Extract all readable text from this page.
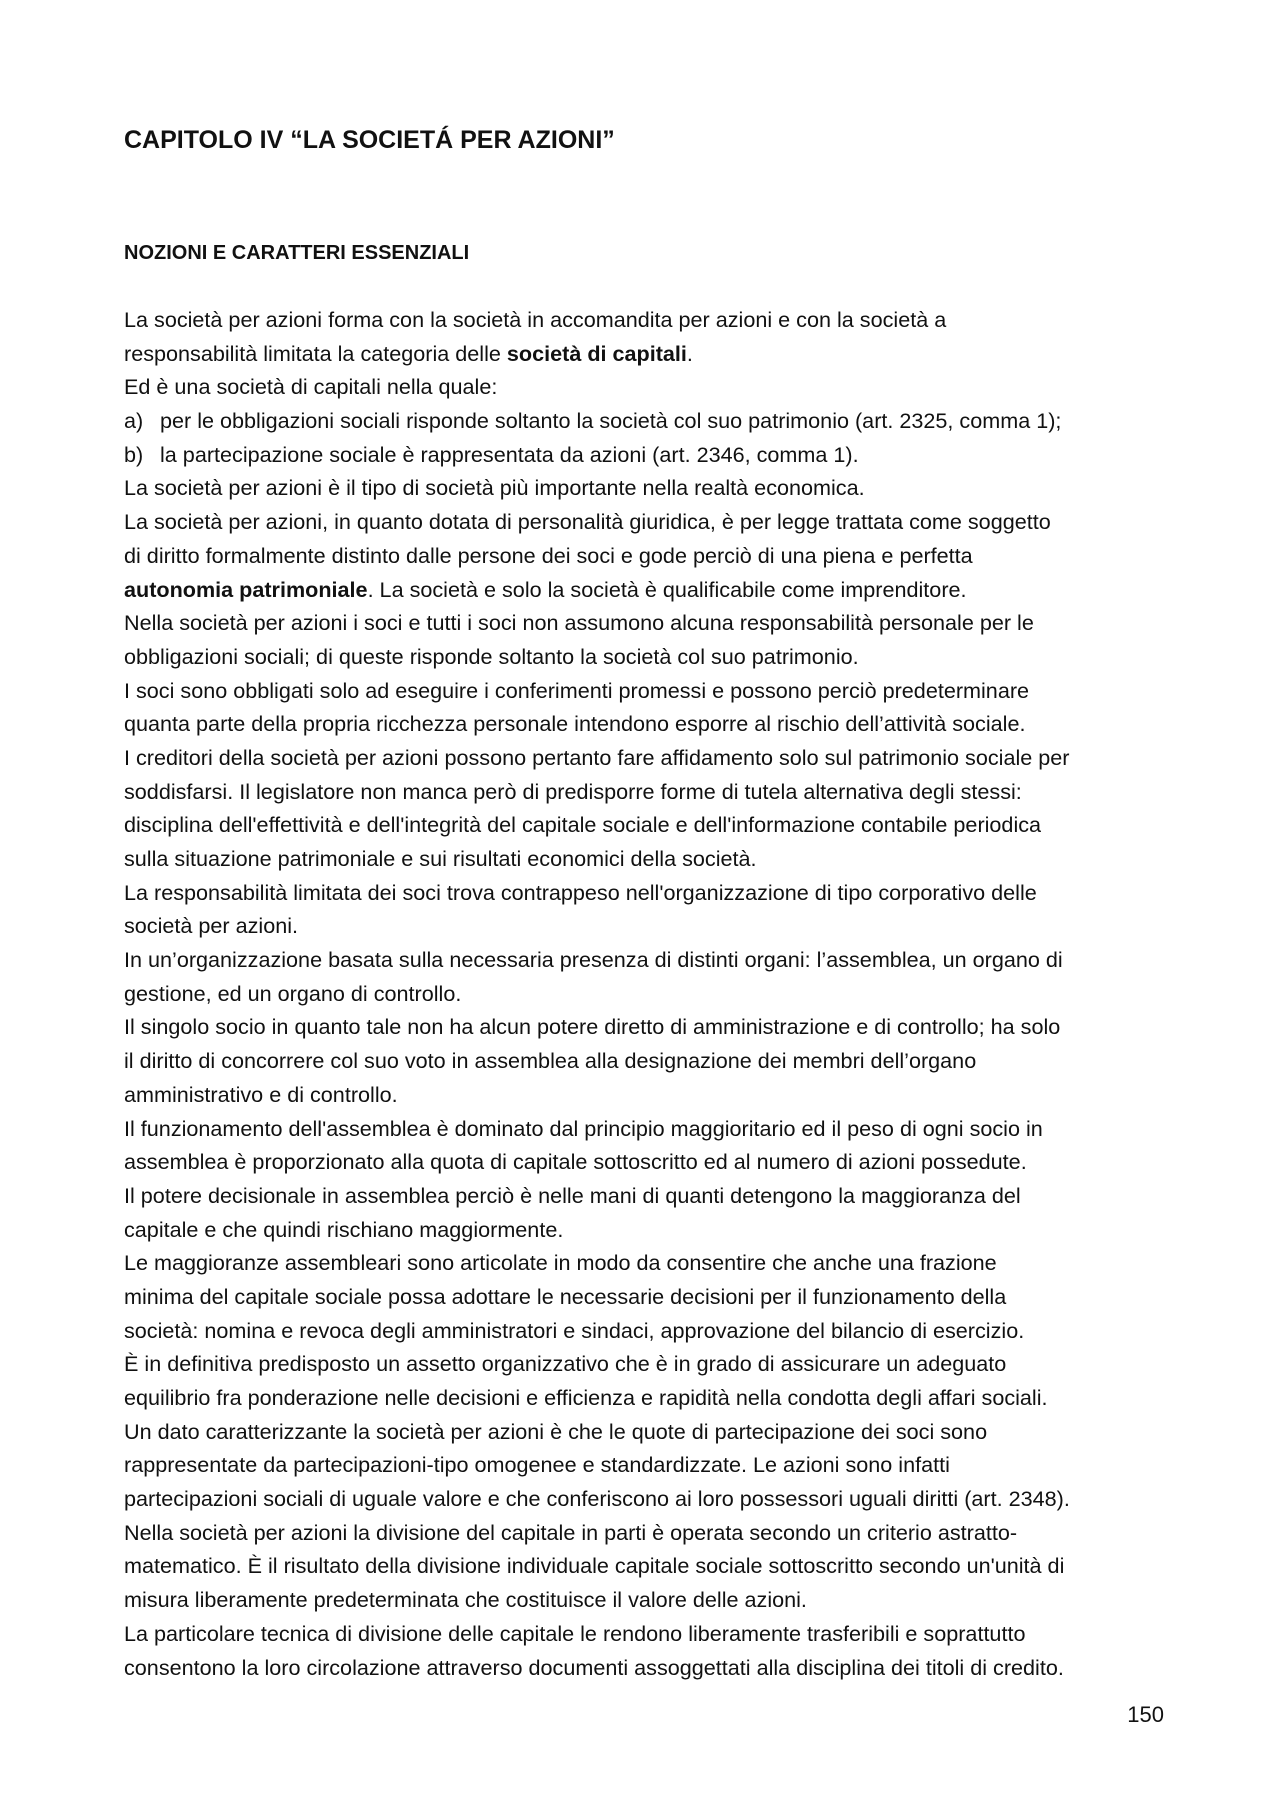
CAPITOLO IV “LA SOCIETÁ PER AZIONI”
NOZIONI E CARATTERI ESSENZIALI
La società per azioni forma con la società in accomandita per azioni e con la società a
responsabilità limitata la categoria delle società di capitali.
Ed è una società di capitali nella quale:
a) per le obbligazioni sociali risponde soltanto la società col suo patrimonio (art. 2325, comma 1);
b) la partecipazione sociale è rappresentata da azioni (art. 2346, comma 1).
La società per azioni è il tipo di società più importante nella realtà economica.
La società per azioni, in quanto dotata di personalità giuridica, è per legge trattata come soggetto
di diritto formalmente distinto dalle persone dei soci e gode perciò di una piena e perfetta
autonomia patrimoniale. La società e solo la società è qualificabile come imprenditore.
Nella società per azioni i soci e tutti i soci non assumono alcuna responsabilità personale per le
obbligazioni sociali; di queste risponde soltanto la società col suo patrimonio.
I soci sono obbligati solo ad eseguire i conferimenti promessi e possono perciò predeterminare
quanta parte della propria ricchezza personale intendono esporre al rischio dell’attività sociale.
I creditori della società per azioni possono pertanto fare affidamento solo sul patrimonio sociale per
soddisfarsi. Il legislatore non manca però di predisporre forme di tutela alternativa degli stessi:
disciplina dell'effettività e dell'integrità del capitale sociale e dell'informazione contabile periodica
sulla situazione patrimoniale e sui risultati economici della società.
La responsabilità limitata dei soci trova contrappeso nell'organizzazione di tipo corporativo delle
società per azioni.
In un’organizzazione basata sulla necessaria presenza di distinti organi: l’assemblea, un organo di
gestione, ed un organo di controllo.
Il singolo socio in quanto tale non ha alcun potere diretto di amministrazione e di controllo; ha solo
il diritto di concorrere col suo voto in assemblea alla designazione dei membri dell’organo
amministrativo e di controllo.
Il funzionamento dell'assemblea è dominato dal principio maggioritario ed il peso di ogni socio in
assemblea è proporzionato alla quota di capitale sottoscritto ed al numero di azioni possedute.
Il potere decisionale in assemblea perciò è nelle mani di quanti detengono la maggioranza del
capitale e che quindi rischiano maggiormente.
Le maggioranze assembleari sono articolate in modo da consentire che anche una frazione
minima del capitale sociale possa adottare le necessarie decisioni per il funzionamento della
società: nomina e revoca degli amministratori e sindaci, approvazione del bilancio di esercizio.
È in definitiva predisposto un assetto organizzativo che è in grado di assicurare un adeguato
equilibrio fra ponderazione nelle decisioni e efficienza e rapidità nella condotta degli affari sociali.
Un dato caratterizzante la società per azioni è che le quote di partecipazione dei soci sono
rappresentate da partecipazioni-tipo omogenee e standardizzate. Le azioni sono infatti
partecipazioni sociali di uguale valore e che conferiscono ai loro possessori uguali diritti (art. 2348).
Nella società per azioni la divisione del capitale in parti è operata secondo un criterio astratto-
matematico. È il risultato della divisione individuale capitale sociale sottoscritto secondo un'unità di
misura liberamente predeterminata che costituisce il valore delle azioni.
La particolare tecnica di divisione delle capitale le rendono liberamente trasferibili e soprattutto
consentono la loro circolazione attraverso documenti assoggettati alla disciplina dei titoli di credito.
150
